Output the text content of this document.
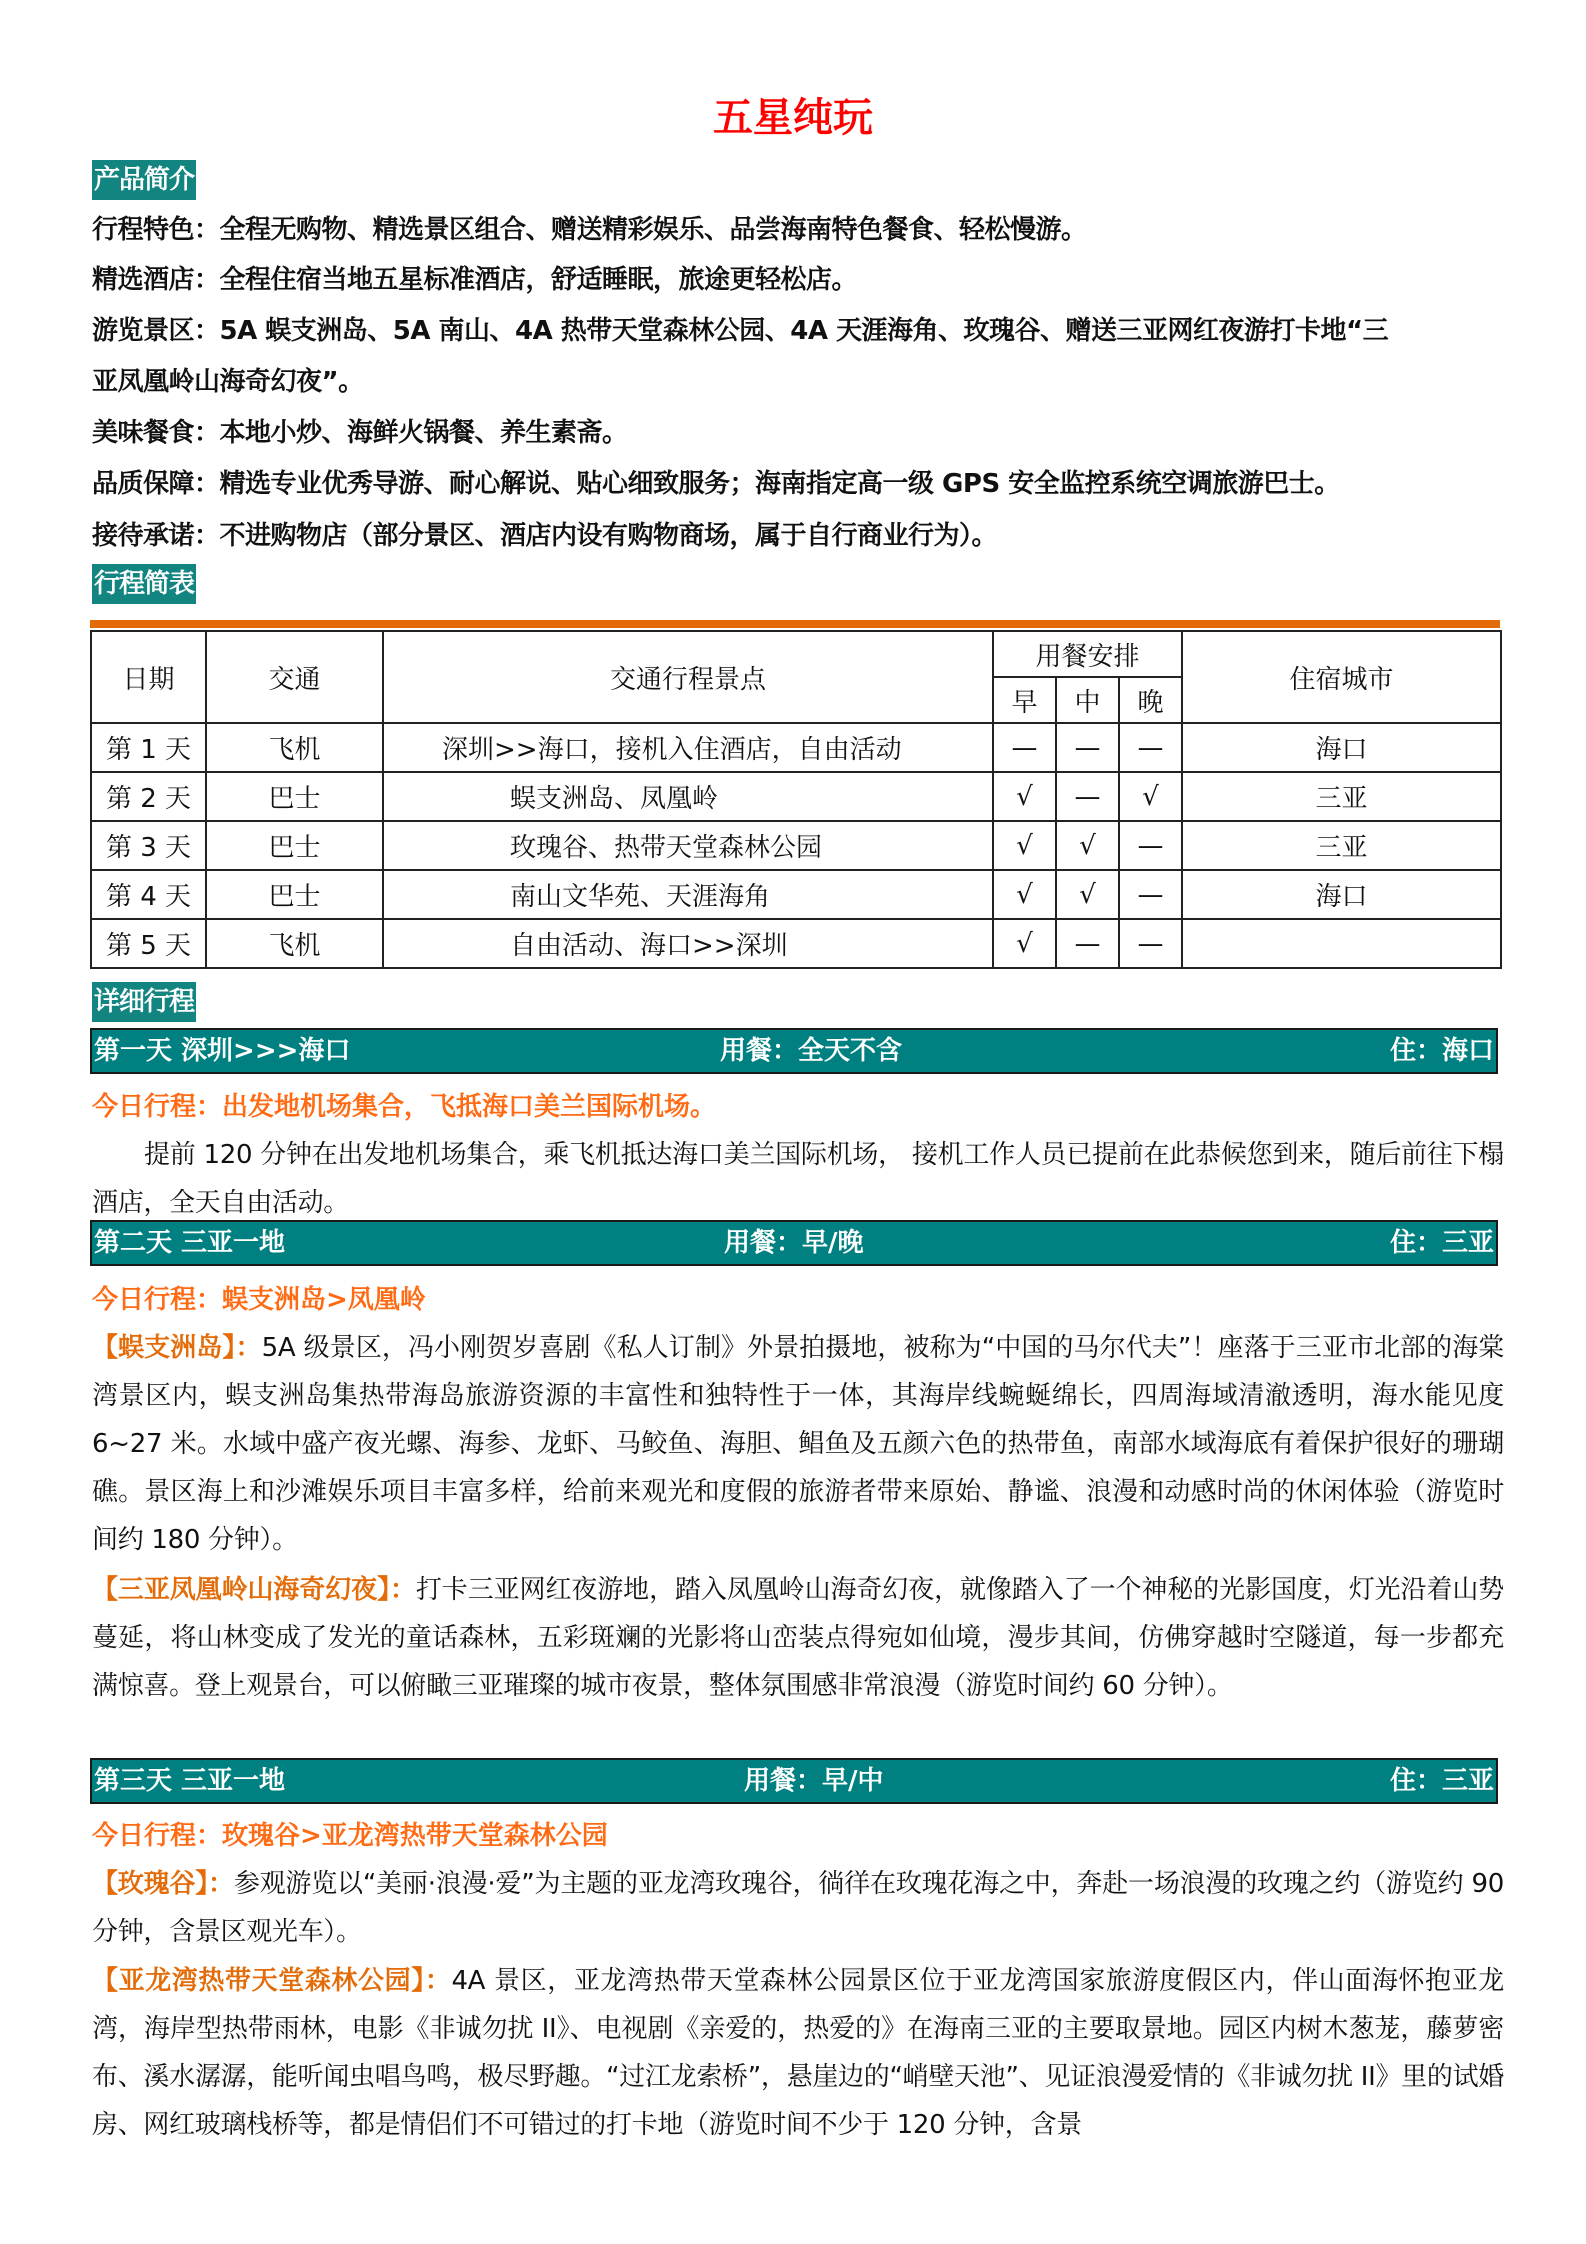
五星纯玩
产品简介
行程特色：全程无购物、精选景区组合、赠送精彩娱乐、品尝海南特色餐食、轻松慢游。
精选酒店：全程住宿当地五星标准酒店，舒适睡眠，旅途更轻松店。
游览景区：5A 蜈支洲岛、5A 南山、4A 热带天堂森林公园、4A 天涯海角、玫瑰谷、赠送三亚网红夜游打卡地“三
亚凤凰岭山海奇幻夜”。
美味餐食：本地小炒、海鲜火锅餐、养生素斋。
品质保障：精选专业优秀导游、耐心解说、贴心细致服务；海南指定高一级 GPS 安全监控系统空调旅游巴士。
接待承诺：不进购物店（部分景区、酒店内设有购物商场，属于自行商业行为）。
行程简表
日期	交通	交通行程景点	用餐安排			住宿城市
			早	中	晚	
第 1 天	飞机	深圳>>海口，接机入住酒店，自由活动	—	—	—	海口
第 2 天	巴士	蜈支洲岛、凤凰岭	√	—	√	三亚
第 3 天	巴士	玫瑰谷、热带天堂森林公园	√	√	—	三亚
第 4 天	巴士	南山文华苑、天涯海角	√	√	—	海口
第 5 天	飞机	自由活动、海口>>深圳	√	—	—	
详细行程
第一天 深圳>>>海口	用餐：全天不含	住：海口
今日行程：出发地机场集合，飞抵海口美兰国际机场。
提前 120 分钟在出发地机场集合，乘飞机抵达海口美兰国际机场， 接机工作人员已提前在此恭候您到来，随后前往下榻酒店，全天自由活动。
第二天 三亚一地	用餐：早/晚	住：三亚
今日行程：蜈支洲岛>凤凰岭
【蜈支洲岛】：5A 级景区，冯小刚贺岁喜剧《私人订制》外景拍摄地，被称为“中国的马尔代夫”！座落于三亚市北部的海棠湾景区内，蜈支洲岛集热带海岛旅游资源的丰富性和独特性于一体，其海岸线蜿蜒绵长，四周海域清澈透明，海水能见度 6~27 米。水域中盛产夜光螺、海参、龙虾、马鲛鱼、海胆、鲳鱼及五颜六色的热带鱼，南部水域海底有着保护很好的珊瑚礁。景区海上和沙滩娱乐项目丰富多样，给前来观光和度假的旅游者带来原始、静谧、浪漫和动感时尚的休闲体验（游览时间约 180 分钟）。
【三亚凤凰岭山海奇幻夜】：打卡三亚网红夜游地，踏入凤凰岭山海奇幻夜，就像踏入了一个神秘的光影国度，灯光沿着山势蔓延，将山林变成了发光的童话森林，五彩斑斓的光影将山峦装点得宛如仙境，漫步其间，仿佛穿越时空隧道，每一步都充满惊喜。登上观景台，可以俯瞰三亚璀璨的城市夜景，整体氛围感非常浪漫（游览时间约 60 分钟）。
第三天 三亚一地	用餐：早/中	住：三亚
今日行程：玫瑰谷>亚龙湾热带天堂森林公园
【玫瑰谷】：参观游览以“美丽·浪漫·爱”为主题的亚龙湾玫瑰谷，徜徉在玫瑰花海之中，奔赴一场浪漫的玫瑰之约（游览约 90 分钟，含景区观光车）。
【亚龙湾热带天堂森林公园】：4A 景区，亚龙湾热带天堂森林公园景区位于亚龙湾国家旅游度假区内，伴山面海怀抱亚龙湾，海岸型热带雨林，电影《非诚勿扰 II》、电视剧《亲爱的，热爱的》在海南三亚的主要取景地。园区内树木葱茏，藤萝密布、溪水潺潺，能听闻虫唱鸟鸣，极尽野趣。“过江龙索桥”，悬崖边的“峭壁天池”、见证浪漫爱情的《非诚勿扰 II》里的试婚房、网红玻璃栈桥等，都是情侣们不可错过的打卡地（游览时间不少于 120 分钟，含景
